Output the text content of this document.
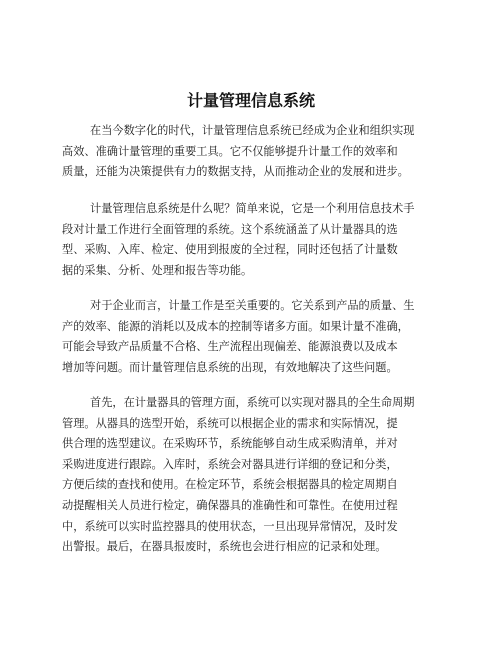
计量管理信息系统
在当今数字化的时代，计量管理信息系统已经成为企业和组织实现
高效、准确计量管理的重要工具。它不仅能够提升计量工作的效率和
质量，还能为决策提供有力的数据支持，从而推动企业的发展和进步。
计量管理信息系统是什么呢？简单来说，它是一个利用信息技术手
段对计量工作进行全面管理的系统。这个系统涵盖了从计量器具的选
型、采购、入库、检定、使用到报废的全过程，同时还包括了计量数
据的采集、分析、处理和报告等功能。
对于企业而言，计量工作是至关重要的。它关系到产品的质量、生
产的效率、能源的消耗以及成本的控制等诸多方面。如果计量不准确，
可能会导致产品质量不合格、生产流程出现偏差、能源浪费以及成本
增加等问题。而计量管理信息系统的出现，有效地解决了这些问题。
首先，在计量器具的管理方面，系统可以实现对器具的全生命周期
管理。从器具的选型开始，系统可以根据企业的需求和实际情况，提
供合理的选型建议。在采购环节，系统能够自动生成采购清单，并对
采购进度进行跟踪。入库时，系统会对器具进行详细的登记和分类，
方便后续的查找和使用。在检定环节，系统会根据器具的检定周期自
动提醒相关人员进行检定，确保器具的准确性和可靠性。在使用过程
中，系统可以实时监控器具的使用状态，一旦出现异常情况，及时发
出警报。最后，在器具报废时，系统也会进行相应的记录和处理。
